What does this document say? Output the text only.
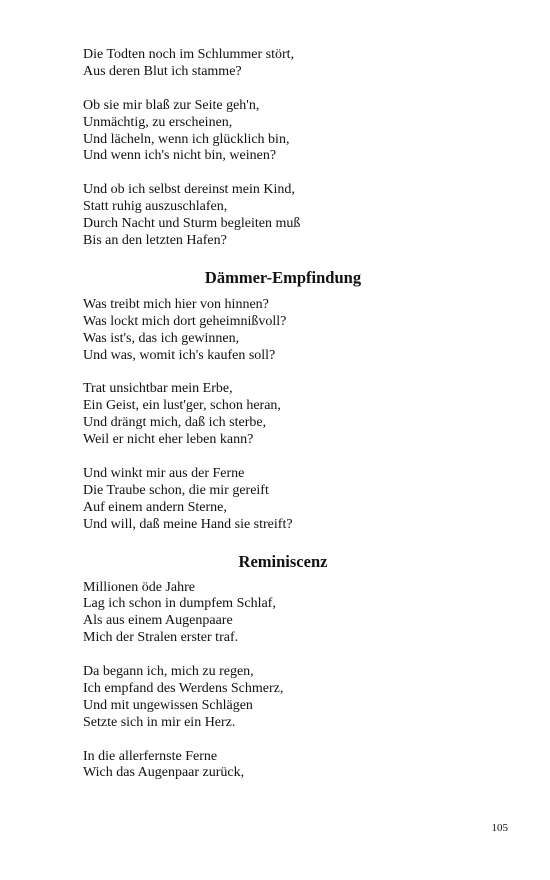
Die Todten noch im Schlummer stört,
Aus deren Blut ich stamme?
Ob sie mir blaß zur Seite geh'n,
Unmächtig, zu erscheinen,
Und lächeln, wenn ich glücklich bin,
Und wenn ich's nicht bin, weinen?
Und ob ich selbst dereinst mein Kind,
Statt ruhig auszuschlafen,
Durch Nacht und Sturm begleiten muß
Bis an den letzten Hafen?
Dämmer-Empfindung
Was treibt mich hier von hinnen?
Was lockt mich dort geheimnißvoll?
Was ist's, das ich gewinnen,
Und was, womit ich's kaufen soll?
Trat unsichtbar mein Erbe,
Ein Geist, ein lust'ger, schon heran,
Und drängt mich, daß ich sterbe,
Weil er nicht eher leben kann?
Und winkt mir aus der Ferne
Die Traube schon, die mir gereift
Auf einem andern Sterne,
Und will, daß meine Hand sie streift?
Reminiscenz
Millionen öde Jahre
Lag ich schon in dumpfem Schlaf,
Als aus einem Augenpaare
Mich der Stralen erster traf.
Da begann ich, mich zu regen,
Ich empfand des Werdens Schmerz,
Und mit ungewissen Schlägen
Setzte sich in mir ein Herz.
In die allerfernste Ferne
Wich das Augenpaar zurück,
105
